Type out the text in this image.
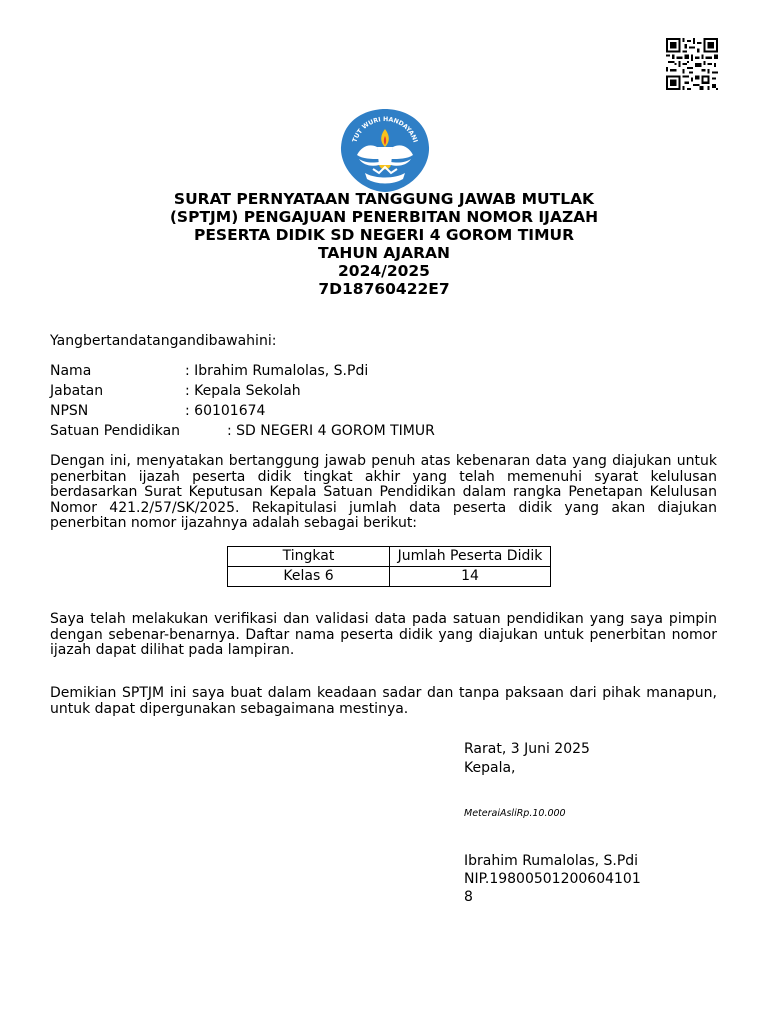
TUT WURI HANDAYANI
SURAT PERNYATAAN TANGGUNG JAWAB MUTLAK
(SPTJM) PENGAJUAN PENERBITAN NOMOR IJAZAH
PESERTA DIDIK SD NEGERI 4 GOROM TIMUR
TAHUN AJARAN
2024/2025
7D18760422E7
Yangbertandatangandibawahini:
Nama	: Ibrahim Rumalolas, S.Pdi
Jabatan	: Kepala Sekolah
NPSN	: 60101674
Satuan Pendidikan	: SD NEGERI 4 GOROM TIMUR
Dengan ini, menyatakan bertanggung jawab penuh atas kebenaran data yang diajukan untuk penerbitan ijazah peserta didik tingkat akhir yang telah memenuhi syarat kelulusan berdasarkan Surat Keputusan Kepala Satuan Pendidikan dalam rangka Penetapan Kelulusan Nomor 421.2/57/SK/2025. Rekapitulasi jumlah data peserta didik yang akan diajukan penerbitan nomor ijazahnya adalah sebagai berikut:
Tingkat	Jumlah Peserta Didik
Kelas 6	14
Saya telah melakukan verifikasi dan validasi data pada satuan pendidikan yang saya pimpin dengan sebenar-benarnya. Daftar nama peserta didik yang diajukan untuk penerbitan nomor ijazah dapat dilihat pada lampiran.
Demikian SPTJM ini saya buat dalam keadaan sadar dan tanpa paksaan dari pihak manapun, untuk dapat dipergunakan sebagaimana mestinya.
Rarat, 3 Juni 2025
Kepala,
MeteraiAsliRp.10.000
Ibrahim Rumalolas, S.Pdi
NIP.1980050120060410​1
8
